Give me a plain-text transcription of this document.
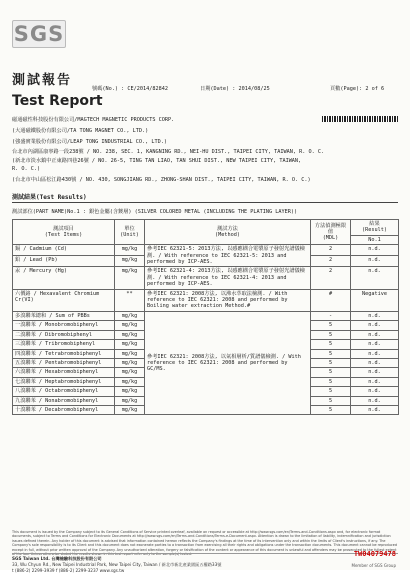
SGS
測試報告
Test Report
號碼(No.) : CE/2014/82842	日期(Date) : 2014/08/25	頁數(Page): 2 of 6
磁通磁性科技股份有限公司/MAGTECH MAGNETIC PRODUCTS CORP.
(大通磁鐵股份有限公司/TA TONG MAGNET CO., LTD.)
(強盛實業股份有限公司/LEAP TONG INDUSTRIAL CO., LTD.)
台北市內湖區康寧路一段238號 / NO. 238, SEC. 1, KANGNING RD., NEI-HU DIST., TAIPEI CITY, TAIWAN, R. O. C.
(新北市淡水鎮中正東路四巷26號 / NO. 26-5, TING TAN LIAO, TAN SHUI DIST., NEW TAIPEI CITY, TAIWAN,
R. O. C.)
(台北市中山區松江路430號 / NO. 430, SONGJIANG RD., ZHONG-SHAN DIST., TAIPEI CITY, TAIWAN, R. O. C.)
測試結果(Test Results)
測試部位(PART NAME)No.1 : 銀色金屬(含鍍層) (SILVER COLORED METAL (INCLUDING THE PLATING LAYER))
測試項目
(Test Items)	單位
(Unit)	測試方法
(Method)	方法偵測極限值
(MDL)	結果
(Result)
				No.1
鎘 / Cadmium (Cd)	mg/kg	參考IEC 62321-5: 2013方法, 以感應耦合電漿原子發射光譜儀檢測. / With reference to IEC 62321-5: 2013 and performed by ICP-AES.	2	n.d.
鉛 / Lead (Pb)	mg/kg		2	n.d.
汞 / Mercury (Hg)	mg/kg	參考IEC 62321-4: 2013方法, 以感應耦合電漿原子發射光譜儀檢測. / With reference to IEC 62321-4: 2013 and performed by ICP-AES.	2	n.d.
六價鉻 / Hexavalent Chromium Cr(VI)	**	參考IEC 62321: 2008方法, 以沸水萃取法檢測. / With reference to IEC 62321: 2008 and performed by Boiling water extraction Method.#	#	Negative
多溴聯苯總和 / Sum of PBBs	mg/kg	參考IEC 62321: 2008方法, 以氣相層析/質譜儀檢測. / With reference to IEC 62321: 2008 and performed by GC/MS.	-	n.d.
一溴聯苯 / Monobromobiphenyl	mg/kg		5	n.d.
二溴聯苯 / Dibromobiphenyl	mg/kg		5	n.d.
三溴聯苯 / Tribromobiphenyl	mg/kg		5	n.d.
四溴聯苯 / Tetrabromobiphenyl	mg/kg		5	n.d.
五溴聯苯 / Pentabromobiphenyl	mg/kg		5	n.d.
六溴聯苯 / Hexabromobiphenyl	mg/kg		5	n.d.
七溴聯苯 / Heptabromobiphenyl	mg/kg		5	n.d.
八溴聯苯 / Octabromobiphenyl	mg/kg		5	n.d.
九溴聯苯 / Nonabromobiphenyl	mg/kg		5	n.d.
十溴聯苯 / Decabromobiphenyl	mg/kg		5	n.d.
This document is issued by the Company subject to its General Conditions of Service printed overleaf, available on request or accessible at http://www.sgs.com/en/Terms-and-Conditions.aspx and, for electronic format documents, subject to Terms and Conditions for Electronic Documents at http://www.sgs.com/en/Terms-and-Conditions/Terms-e-Document.aspx. Attention is drawn to the limitation of liability, indemnification and jurisdiction issues defined therein. Any holder of this document is advised that information contained hereon reflects the Company's findings at the time of its intervention only and within the limits of Client's instructions, if any. The Company's sole responsibility is to its Client and this document does not exonerate parties to a transaction from exercising all their rights and obligations under the transaction documents. This document cannot be reproduced except in full, without prior written approval of the Company. Any unauthorized alteration, forgery or falsification of the content or appearance of this document is unlawful and offenders may be prosecuted to the fullest extent of the law. Unless otherwise stated the results shown in this test report refer only to the sample(s) tested.	TW04079478
SGS Taiwan Ltd. 台灣檢驗科技股份有限公司
33, Wu Chyun Rd., New Taipei Industrial Park, New Taipei City, Taiwan / 新北市新北產業園區五權路33號
t (886-2) 2299-3939 f (886-2) 2299-3237 www.sgs.tw
Member of SGS Group
